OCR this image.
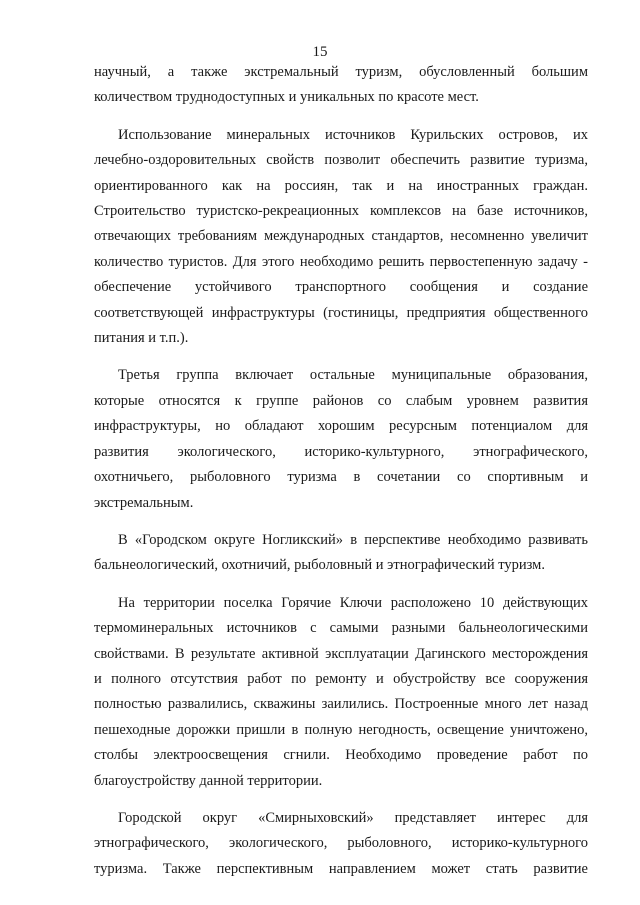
15

научный, а также экстремальный туризм, обусловленный большим
количеством труднодоступных и уникальных по красоте мест.

Использование минеральных источников Курильских островов, их
лечебно-оздоровительных свойств позволит обеспечить развитие туризма,
ориентированного как на россиян, так и на иностранных граждан.
Строительство туристско-рекреационных комплексов на базе источников,
отвечающих требованиям международных стандартов, несомненно увеличит
количество туристов. Для этого необходимо решить первостепенную задачу -
обеспечение устойчивого транспортного сообщения и создание
соответствующей инфраструктуры (гостиницы, предприятия общественного
питания и т.п.).

Третья группа включает остальные муниципальные образования,
которые относятся к группе районов со слабым уровнем развития
инфраструктуры, но обладают хорошим ресурсным потенциалом для
развития экологического, историко-культурного, этнографического,
охотничьего, рыболовного туризма в сочетании со спортивным и
экстремальным.

В «Городском округе Ногликский» в перспективе необходимо развивать
бальнеологический, охотничий, рыболовный и этнографический туризм.

На территории поселка Горячие Ключи расположено 10 действующих
термоминеральных источников с самыми разными бальнеологическими
свойствами. В результате активной эксплуатации Дагинского месторождения
и полного отсутствия работ по ремонту и обустройству все сооружения
полностью развалились, скважины заилились. Построенные много лет назад
пешеходные дорожки пришли в полную негодность, освещение уничтожено,
столбы электроосвещения сгнили. Необходимо проведение работ по
благоустройству данной территории.

Городской округ «Смирныховский» представляет интерес для
этнографического, экологического, рыболовного, историко-культурного
туризма. Также перспективным направлением может стать развитие
